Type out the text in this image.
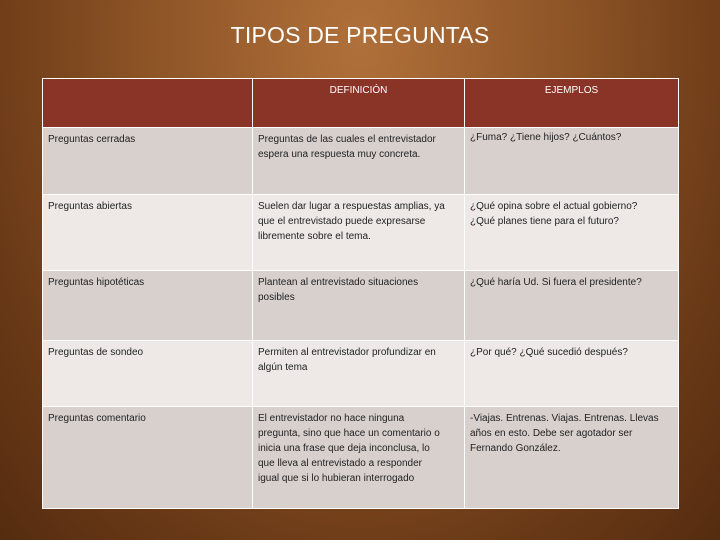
TIPOS DE PREGUNTAS
	DEFINICIÓN	EJEMPLOS
Preguntas cerradas	Preguntas de las cuales el entrevistador
espera una respuesta muy concreta.	¿Fuma? ¿Tiene hijos? ¿Cuántos?

Preguntas abiertas	Suelen dar lugar a respuestas amplias, ya
que el entrevistado puede expresarse
libremente sobre el tema.	¿Qué opina sobre el actual gobierno?
¿Qué planes tiene para el futuro?

Preguntas hipotéticas	Plantean al entrevistado situaciones
posibles	¿Qué haría Ud. Si fuera el presidente?

Preguntas de sondeo	Permiten al entrevistador profundizar en
algún tema	¿Por qué? ¿Qué sucedió después?

Preguntas comentario	El entrevistador no hace ninguna
pregunta, sino que hace un comentario o
inicia una frase que deja inconclusa, lo
que lleva al entrevistado a responder
igual que si lo hubieran interrogado	-Viajas. Entrenas. Viajas. Entrenas. Llevas
años en esto. Debe ser agotador ser
Fernando González.
